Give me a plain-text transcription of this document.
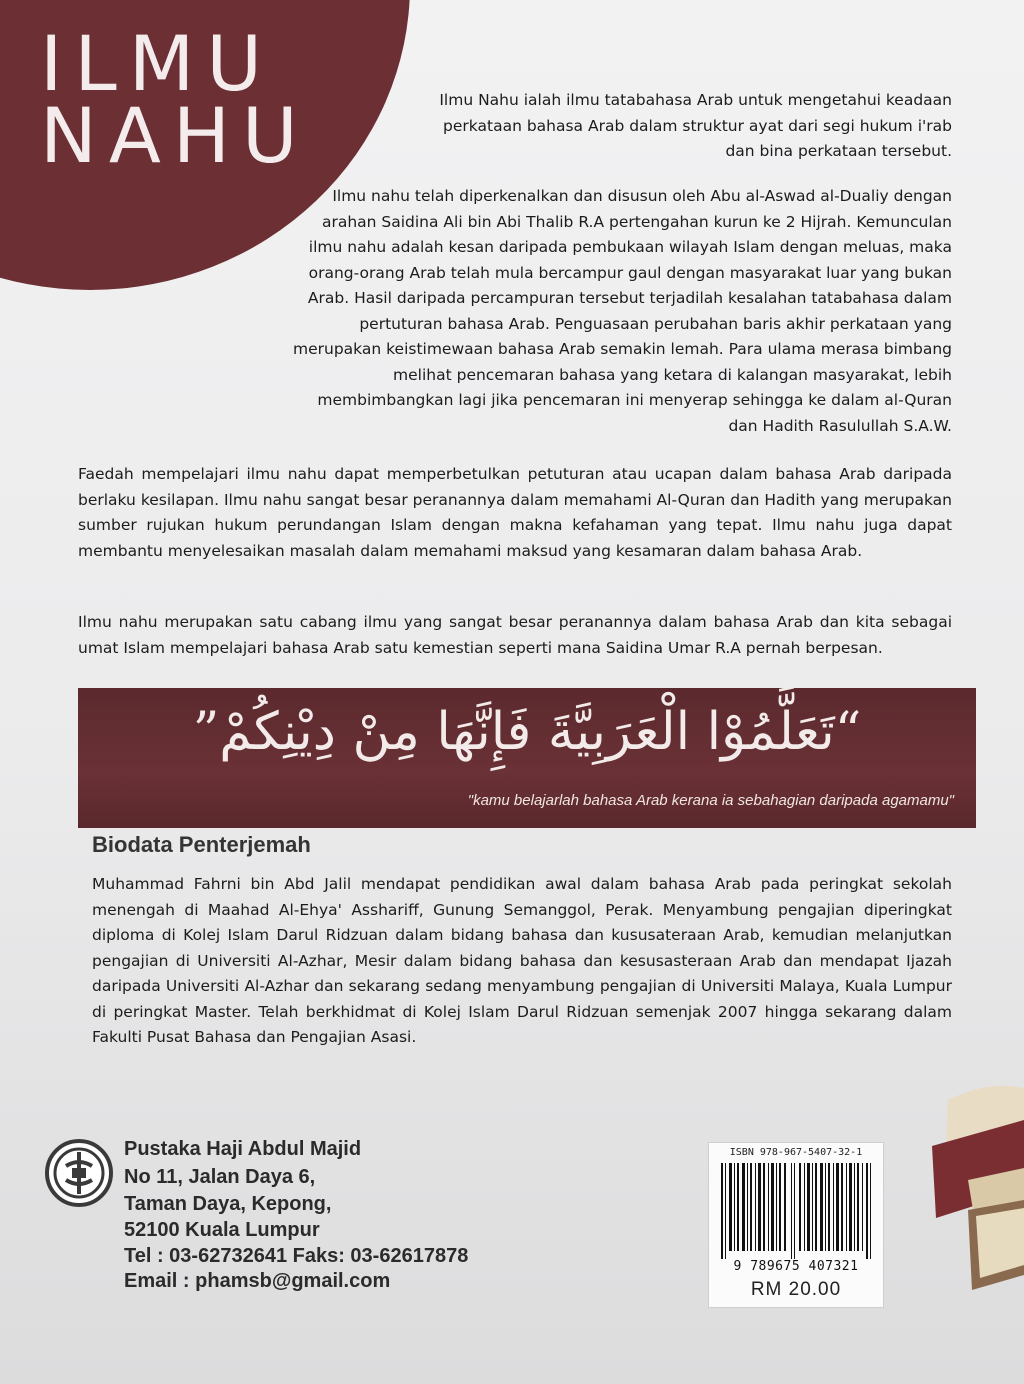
ILMU
NAHU	Ilmu Nahu ialah ilmu tatabahasa Arab untuk mengetahui keadaan perkataan bahasa Arab dalam struktur ayat dari segi hukum i'rab dan bina perkataan tersebut.
Ilmu nahu telah diperkenalkan dan disusun oleh Abu al-Aswad al-Dualiy dengan arahan Saidina Ali bin Abi Thalib R.A pertengahan kurun ke 2 Hijrah. Kemunculan ilmu nahu adalah kesan daripada pembukaan wilayah Islam dengan meluas, maka orang-orang Arab telah mula bercampur gaul dengan masyarakat luar yang bukan Arab. Hasil daripada percampuran tersebut terjadilah kesalahan tatabahasa dalam pertuturan bahasa Arab. Penguasaan perubahan baris akhir perkataan yang merupakan keistimewaan bahasa Arab semakin lemah. Para ulama merasa bimbang melihat pencemaran bahasa yang ketara di kalangan masyarakat, lebih membimbangkan lagi jika pencemaran ini menyerap sehingga ke dalam al-Quran dan Hadith Rasulullah S.A.W.
Faedah mempelajari ilmu nahu dapat memperbetulkan petuturan atau ucapan dalam bahasa Arab daripada berlaku kesilapan. Ilmu nahu sangat besar peranannya dalam memahami Al-Quran dan Hadith yang merupakan sumber rujukan hukum perundangan Islam dengan makna kefahaman yang tepat. Ilmu nahu juga dapat membantu menyelesaikan masalah dalam memahami maksud yang kesamaran dalam bahasa Arab.
Ilmu nahu merupakan satu cabang ilmu yang sangat besar peranannya dalam bahasa Arab dan kita sebagai umat Islam mempelajari bahasa Arab satu kemestian seperti mana Saidina Umar R.A pernah berpesan.
“تَعَلَّمُوْا الْعَرَبِيَّةَ فَإِنَّهَا مِنْ دِيْنِكُمْ”
"kamu belajarlah bahasa Arab kerana ia sebahagian daripada agamamu"
Biodata Penterjemah
Muhammad Fahrni bin Abd Jalil mendapat pendidikan awal dalam bahasa Arab pada peringkat sekolah menengah di Maahad Al-Ehya' Asshariff, Gunung Semanggol, Perak. Menyambung pengajian diperingkat diploma di Kolej Islam Darul Ridzuan dalam bidang bahasa dan kususateraan Arab, kemudian melanjutkan pengajian di Universiti Al-Azhar, Mesir dalam bidang bahasa dan kesusasteraan Arab dan mendapat Ijazah daripada Universiti Al-Azhar dan sekarang sedang menyambung pengajian di Universiti Malaya, Kuala Lumpur di peringkat Master. Telah berkhidmat di Kolej Islam Darul Ridzuan semenjak 2007 hingga sekarang dalam Fakulti Pusat Bahasa dan Pengajian Asasi.
Pustaka Haji Abdul Majid
No 11, Jalan Daya 6,
Taman Daya, Kepong,
52100 Kuala Lumpur
Tel : 03-62732641 Faks: 03-62617878
Email : phamsb@gmail.com
ISBN 978-967-5407-32-1
9 789675 407321
RM 20.00
